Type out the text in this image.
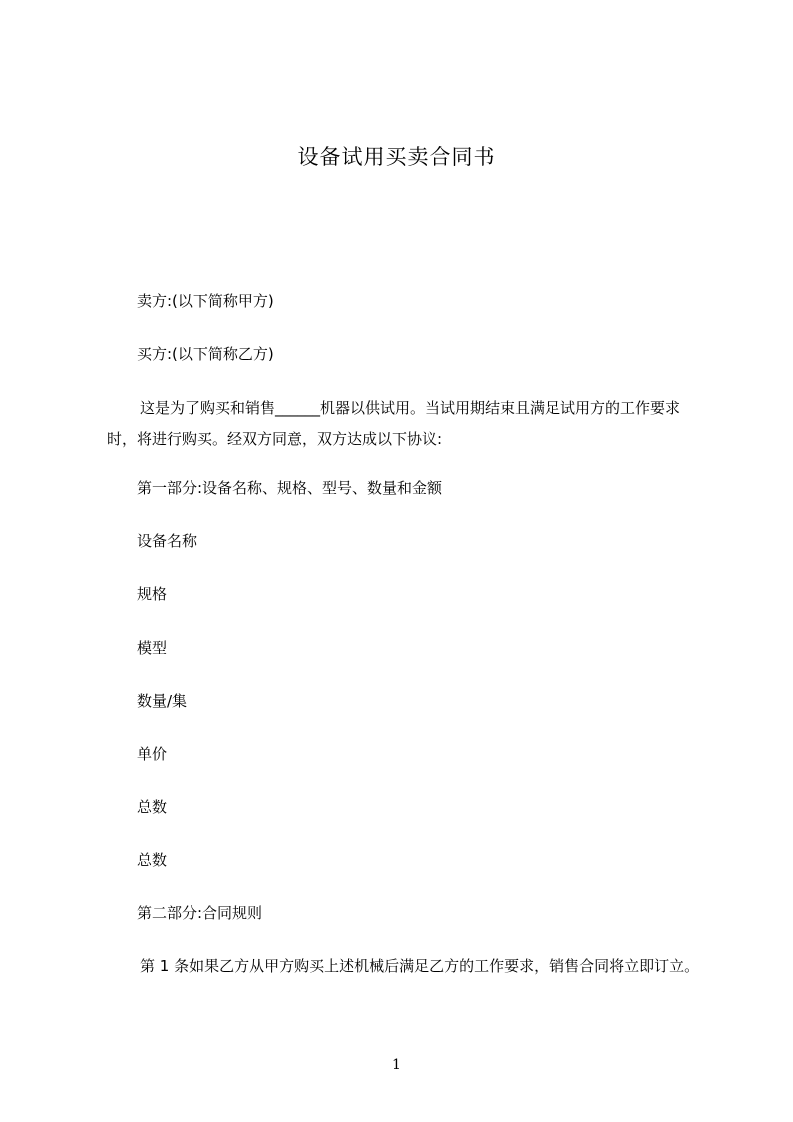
设备试用买卖合同书
卖方:(以下简称甲方)
买方:(以下简称乙方)
这是为了购买和销售______机器以供试用。当试用期结束且满足试用方的工作要求时，将进行购买。经双方同意，双方达成以下协议:
第一部分:设备名称、规格、型号、数量和金额
设备名称
规格
模型
数量/集
单价
总数
总数
第二部分:合同规则
第 1 条如果乙方从甲方购买上述机械后满足乙方的工作要求，销售合同将立即订立。
1
